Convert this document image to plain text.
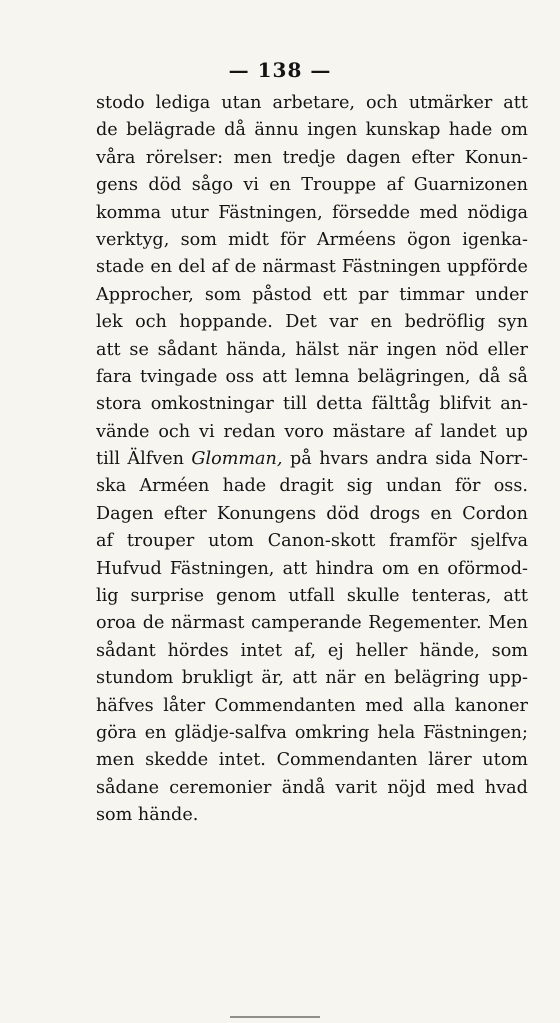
— 138 —
stodo lediga utan arbetare, och utmärker att
de belägrade då ännu ingen kunskap hade om
våra rörelser: men tredje dagen efter Konun-
gens död sågo vi en Trouppe af Guarnizonen
komma utur Fästningen, försedde med nödiga
verktyg, som midt för Arméens ögon igenka-
stade en del af de närmast Fästningen uppförde
Approcher, som påstod ett par timmar under
lek och hoppande. Det var en bedröflig syn
att se sådant hända, hälst när ingen nöd eller
fara tvingade oss att lemna belägringen, då så
stora omkostningar till detta fälttåg blifvit an-
vände och vi redan voro mästare af landet up
till Älfven Glomman, på hvars andra sida Norr-
ska Arméen hade dragit sig undan för oss.
Dagen efter Konungens död drogs en Cordon
af trouper utom Canon-skott framför sjelfva
Hufvud Fästningen, att hindra om en oförmod-
lig surprise genom utfall skulle tenteras, att
oroa de närmast camperande Regementer. Men
sådant hördes intet af, ej heller hände, som
stundom brukligt är, att när en belägring upp-
häfves låter Commendanten med alla kanoner
göra en glädje-salfva omkring hela Fästningen;
men skedde intet. Commendanten lärer utom
sådane ceremonier ändå varit nöjd med hvad
som hände.
